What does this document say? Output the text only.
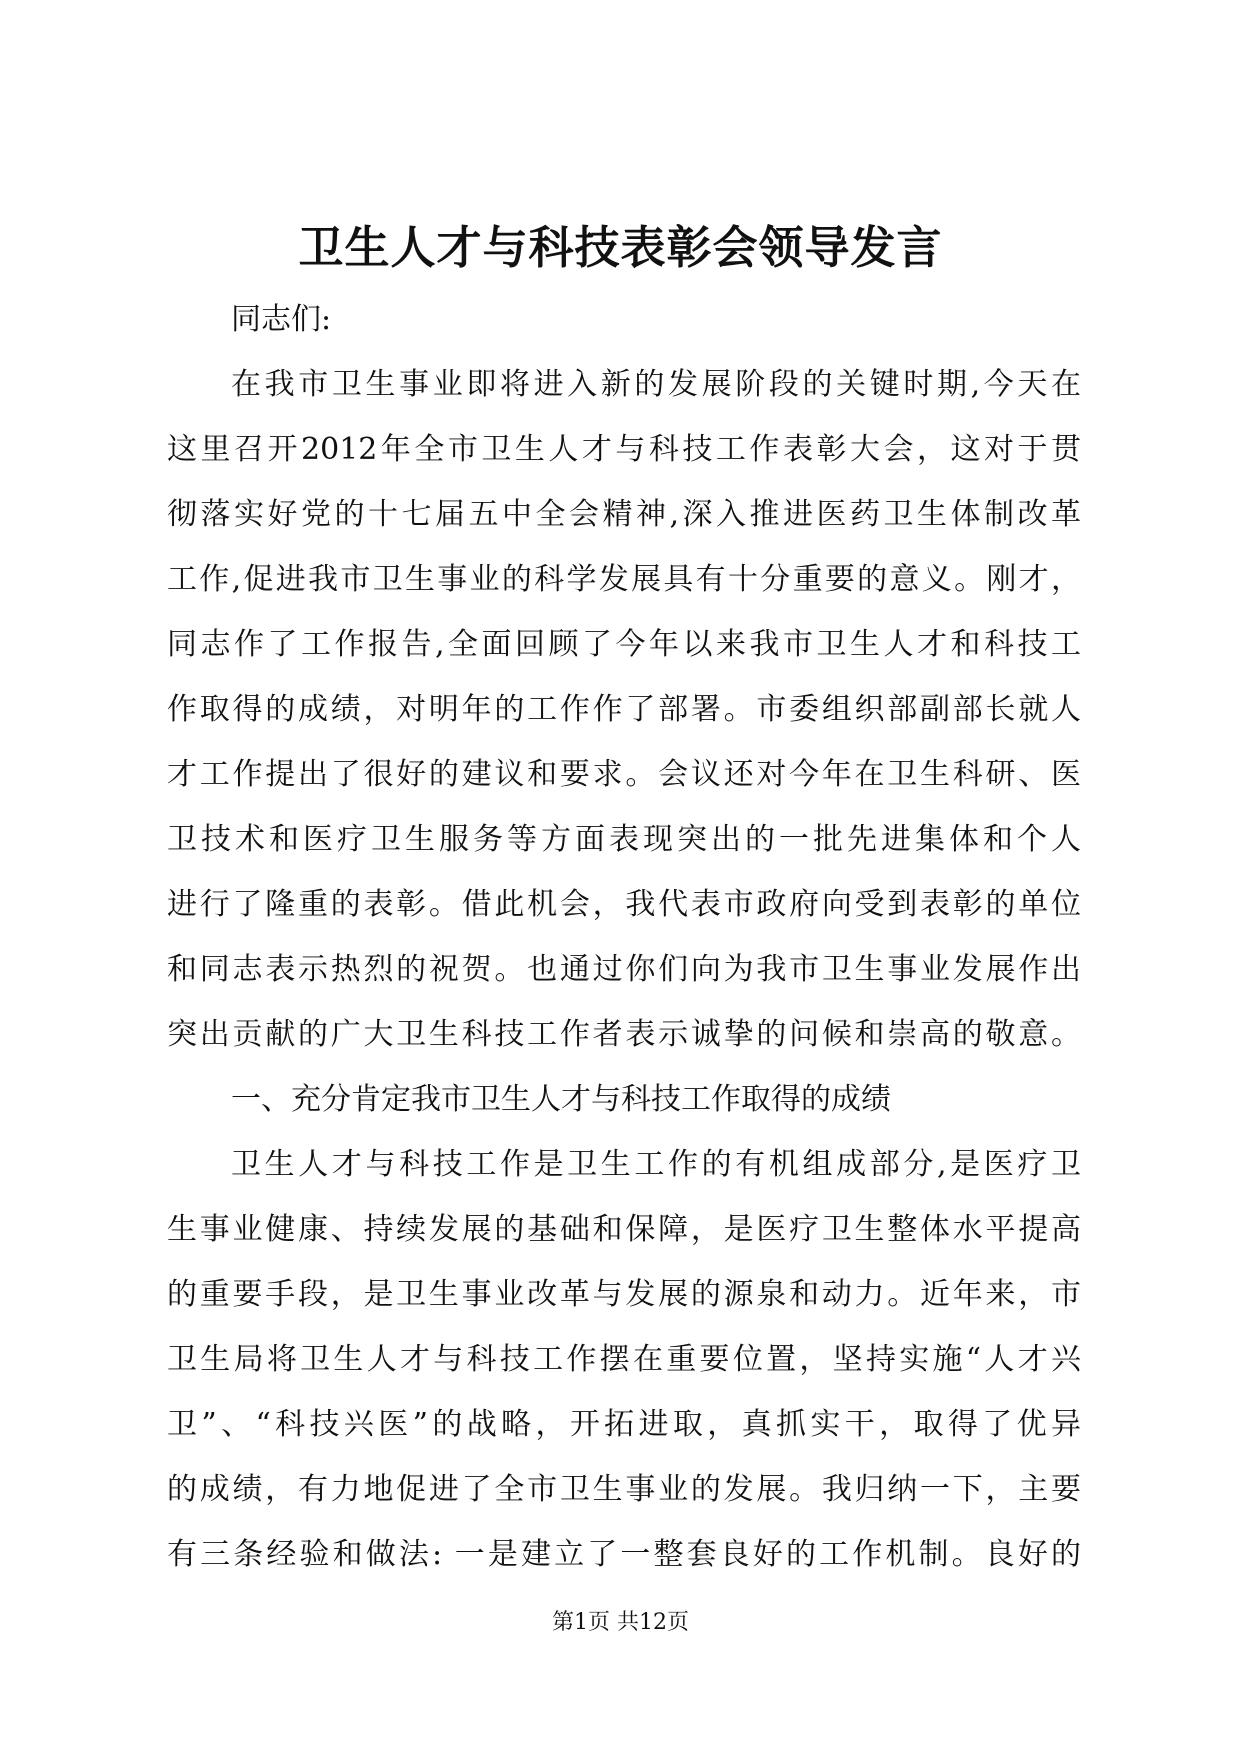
卫生人才与科技表彰会领导发言
同志们:
在我市卫生事业即将进入新的发展阶段的关键时期,今天在
这里召开2012年全市卫生人才与科技工作表彰大会，这对于贯
彻落实好党的十七届五中全会精神,深入推进医药卫生体制改革
工作,促进我市卫生事业的科学发展具有十分重要的意义。刚才，
同志作了工作报告,全面回顾了今年以来我市卫生人才和科技工
作取得的成绩，对明年的工作作了部署。市委组织部副部长就人
才工作提出了很好的建议和要求。会议还对今年在卫生科研、医
卫技术和医疗卫生服务等方面表现突出的一批先进集体和个人
进行了隆重的表彰。借此机会，我代表市政府向受到表彰的单位
和同志表示热烈的祝贺。也通过你们向为我市卫生事业发展作出
突出贡献的广大卫生科技工作者表示诚挚的问候和崇高的敬意。
一、充分肯定我市卫生人才与科技工作取得的成绩
卫生人才与科技工作是卫生工作的有机组成部分,是医疗卫
生事业健康、持续发展的基础和保障，是医疗卫生整体水平提高
的重要手段，是卫生事业改革与发展的源泉和动力。近年来，市
卫生局将卫生人才与科技工作摆在重要位置，坚持实施“人才兴
卫”、“科技兴医”的战略，开拓进取，真抓实干，取得了优异
的成绩，有力地促进了全市卫生事业的发展。我归纳一下，主要
有三条经验和做法: 一是建立了一整套良好的工作机制。良好的
第1页 共12页
